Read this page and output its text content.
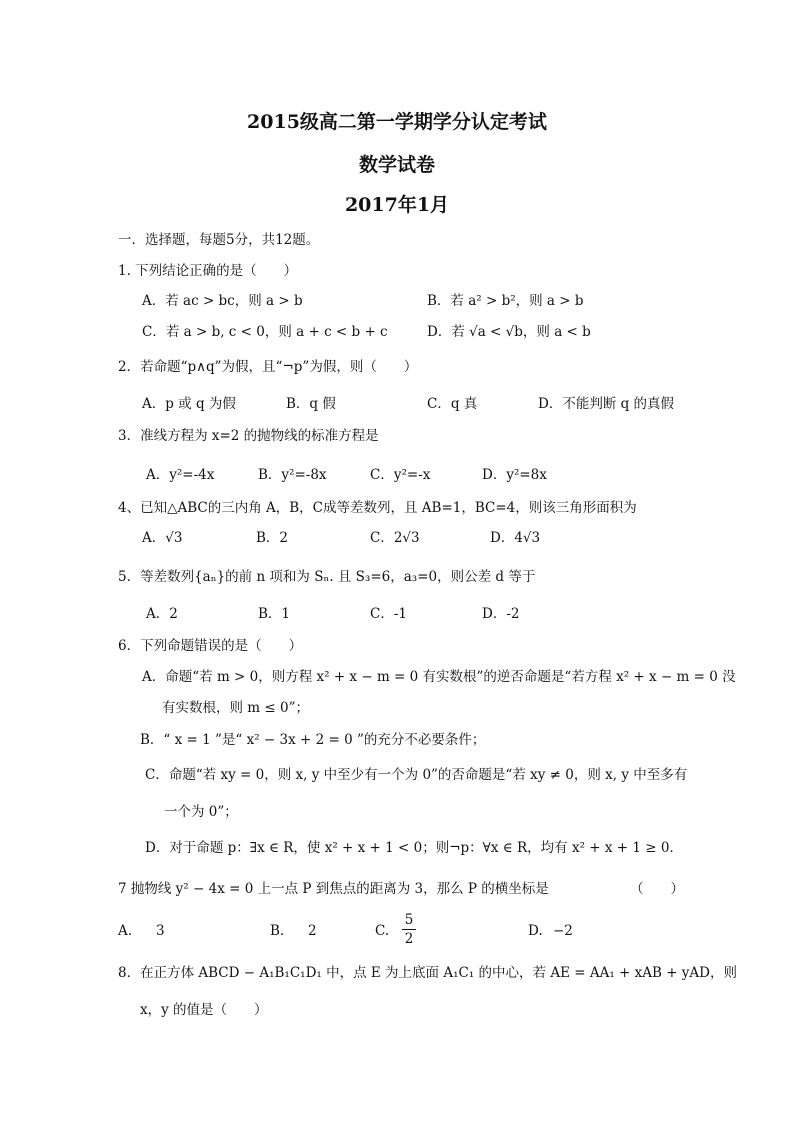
2015级高二第一学期学分认定考试
数学试卷
2017年1月
一．选择题，每题5分，共12题。
1. 下列结论正确的是（　　）
A．若 ac > bc，则 a > b	B．若 a² > b²，则 a > b
C．若 a > b, c < 0，则 a + c < b + c	D．若 √a < √b，则 a < b
2．若命题“p∧q”为假，且“¬p”为假，则（　　）
A．p 或 q 为假	B．q 假	C．q 真	D．不能判断 q 的真假
3．准线方程为 x=2 的抛物线的标准方程是
A．y²=-4x	B．y²=-8x	C．y²=-x	D．y²=8x
4、已知△ABC的三内角 A，B，C成等差数列，且 AB=1，BC=4，则该三角形面积为
A．√3	B．2	C．2√3	D．4√3
5．等差数列{aₙ}的前 n 项和为 Sₙ. 且 S₃=6，a₃=0，则公差 d 等于
A．2	B．1	C．-1	D．-2
6．下列命题错误的是（　　）
A．命题“若 m > 0，则方程 x² + x − m = 0 有实数根”的逆否命题是“若方程 x² + x − m = 0 没
有实数根，则 m ≤ 0”；
B．“ x = 1 ”是“ x² − 3x + 2 = 0 ”的充分不必要条件；
C．命题“若 xy = 0，则 x, y 中至少有一个为 0”的否命题是“若 xy ≠ 0，则 x, y 中至多有
一个为 0”；
D．对于命题 p：∃x ∈ R，使 x² + x + 1 < 0；则¬p：∀x ∈ R，均有 x² + x + 1 ≥ 0．
7 抛物线 y² − 4x = 0 上一点 P 到焦点的距离为 3，那么 P 的横坐标是	（　　）
A. 3	B. 2	C.
5
2	D. −2
8．在正方体 ABCD − A₁B₁C₁D₁ 中，点 E 为上底面 A₁C₁ 的中心，若 AE = AA₁ + xAB + yAD，则
x，y 的值是（　　）
